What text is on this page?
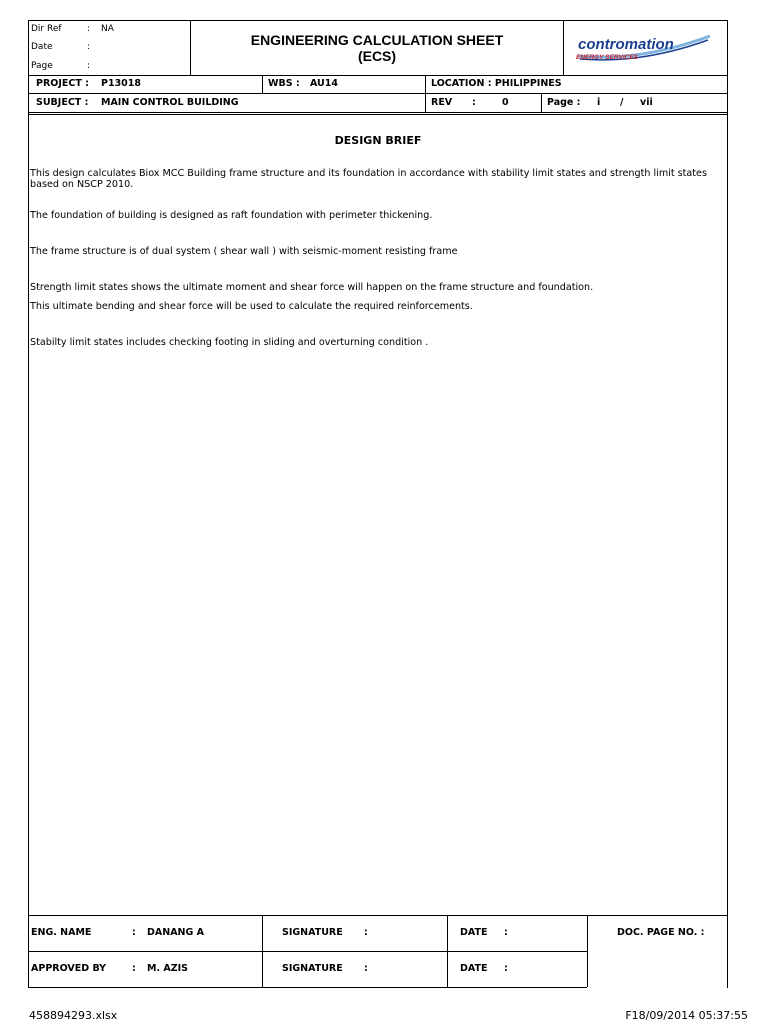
Dir Ref	: NA
Date	:
Page	:
ENGINEERING CALCULATION SHEET
(ECS)
contromation
ENERGY SERVICES
PROJECT : P13018	WBS : AU14	LOCATION : PHILIPPINES
SUBJECT : MAIN CONTROL BUILDING	REV :	0	Page : i / vii
DESIGN BRIEF
This design calculates Biox MCC Building frame structure and its foundation in accordance with stability limit states and strength limit states based on NSCP 2010.
The foundation of building is designed as raft foundation with perimeter thickening.
The frame structure is of dual system ( shear wall ) with seismic-moment resisting frame
Strength limit states shows the ultimate moment and shear force will happen on the frame structure and foundation.
This ultimate bending and shear force will be used to calculate the required reinforcements.
Stabilty limit states includes checking footing in sliding and overturning condition .
ENG. NAME	: DANANG A	SIGNATURE :	DATE :	DOC. PAGE NO. :
APPROVED BY	: M. AZIS	SIGNATURE :	DATE :
458894293.xlsx	F18/09/2014 05:37:55
